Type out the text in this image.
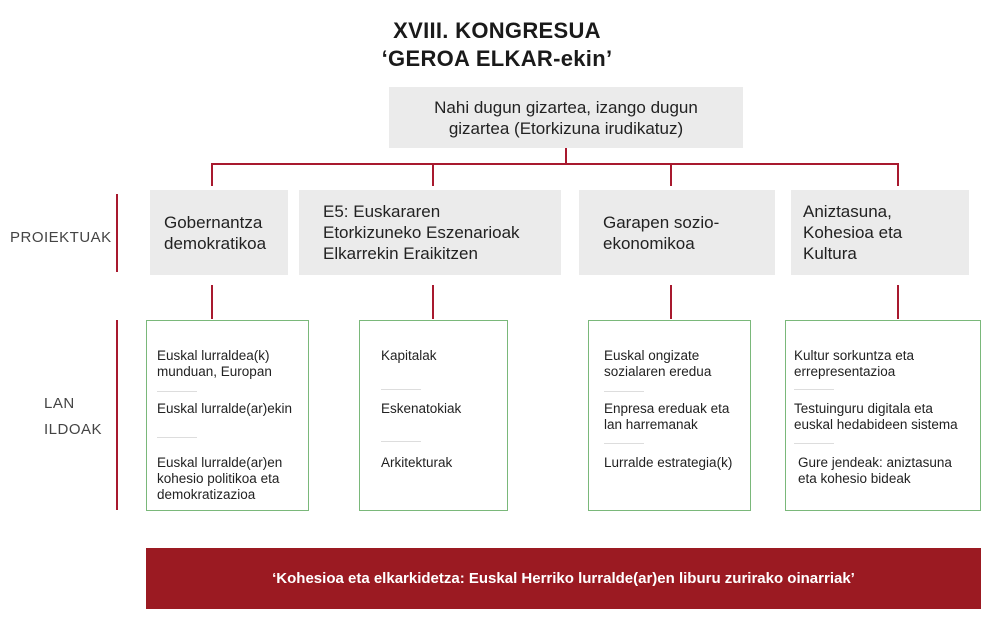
XVIII. KONGRESUA
‘GEROA ELKAR-ekin’
Nahi dugun gizartea, izango dugun gizartea (Etorkizuna irudikatuz)
PROIEKTUAK
LAN
ILDOAK
Gobernantza demokratikoa
E5: Euskararen Etorkizuneko Eszenarioak Elkarrekin Eraikitzen
Garapen sozio-ekonomikoa
Aniztasuna, Kohesioa eta Kultura
Euskal lurraldea(k) munduan, Europan
Euskal lurralde(ar)ekin
Euskal lurralde(ar)en kohesio politikoa eta demokratizazioa
Kapitalak
Eskenatokiak
Arkitekturak
Euskal ongizate sozialaren eredua
Enpresa ereduak eta lan harremanak
Lurralde estrategia(k)
Kultur sorkuntza eta errepresentazioa
Testuinguru digitala eta euskal hedabideen sistema
Gure jendeak: aniztasuna eta kohesio bideak
‘Kohesioa eta elkarkidetza: Euskal Herriko lurralde(ar)en liburu zurirako oinarriak’
